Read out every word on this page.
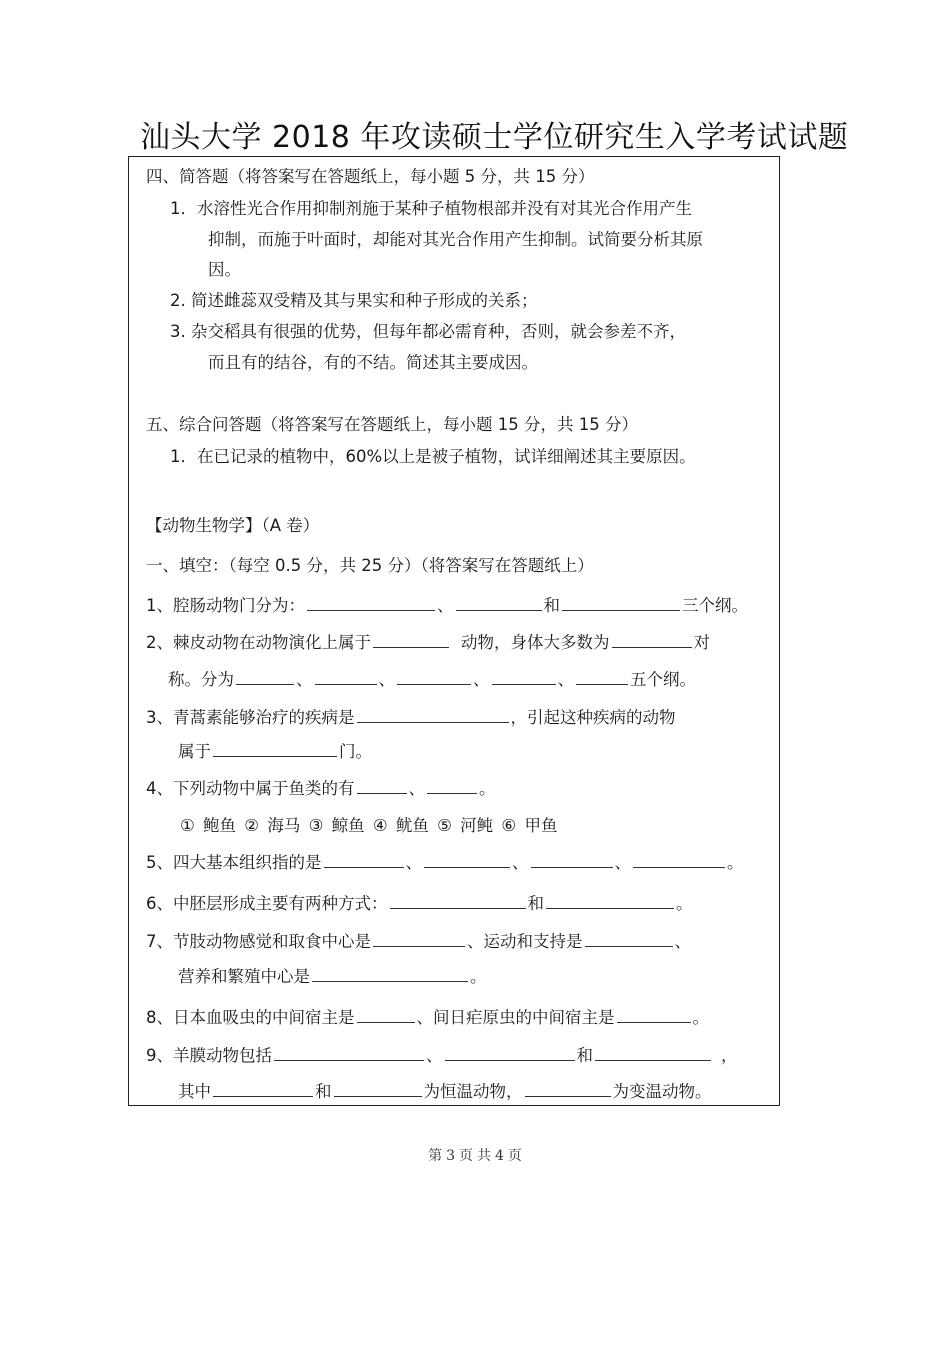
汕头大学 2018 年攻读硕士学位研究生入学考试试题
四、简答题（将答案写在答题纸上，每小题 5 分，共 15 分）
1．水溶性光合作用抑制剂施于某种子植物根部并没有对其光合作用产生
抑制，而施于叶面时，却能对其光合作用产生抑制。试简要分析其原
因。
2. 简述雌蕊双受精及其与果实和种子形成的关系；
3. 杂交稻具有很强的优势，但每年都必需育种，否则，就会参差不齐，
而且有的结谷，有的不结。简述其主要成因。
五、综合问答题（将答案写在答题纸上，每小题 15 分，共 15 分）
1．在已记录的植物中，60%以上是被子植物，试详细阐述其主要原因。
【动物生物学】（A 卷）
一、填空：（每空 0.5 分，共 25 分）（将答案写在答题纸上）
1、腔肠动物门分为：	、	和	三个纲。
2、棘皮动物在动物演化上属于	动物，身体大多数为	对
称。分为	、	、	、	、	五个纲。
3、青蒿素能够治疗的疾病是	，引起这种疾病的动物
属于	门。
4、下列动物中属于鱼类的有	、	。
① 鲍鱼 ② 海马 ③ 鲸鱼 ④ 鱿鱼 ⑤ 河鲀 ⑥ 甲鱼
5、四大基本组织指的是	、	、	、	。
6、中胚层形成主要有两种方式：	和	。
7、节肢动物感觉和取食中心是	、运动和支持是	、
营养和繁殖中心是	。
8、日本血吸虫的中间宿主是	、间日疟原虫的中间宿主是	。
9、羊膜动物包括	、	和	，
其中	和	为恒温动物，	为变温动物。
第 3 页 共 4 页
